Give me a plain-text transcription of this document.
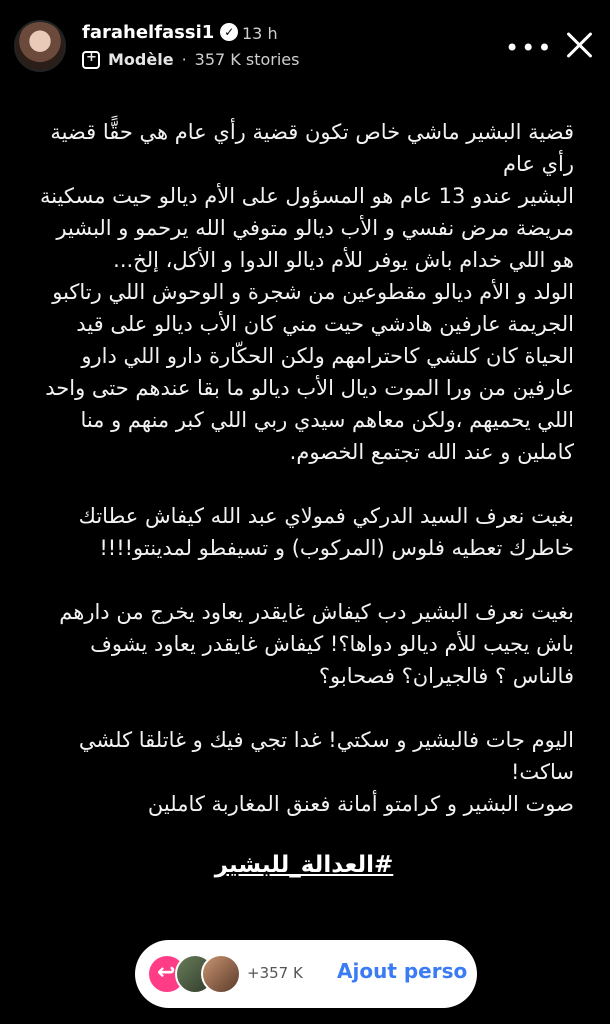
farahelfassi1 ✓ 13 h
+
Modèle · 357 K stories	•••
قضية البشير ماشي خاص تكون قضية رأي عام هي حقًّا قضية رأي عام
البشير عندو 13 عام هو المسؤول على الأم ديالو حيت مسكينة مريضة مرض نفسي و الأب ديالو متوفي الله يرحمو و البشير هو اللي خدام باش يوفر للأم ديالو الدوا و الأكل، إلخ...
الولد و الأم ديالو مقطوعين من شجرة و الوحوش اللي رتاكبو الجريمة عارفين هادشي حيت مني كان الأب ديالو على قيد الحياة كان كلشي كاحترامهم ولكن الحكّارة دارو اللي دارو عارفين من ورا الموت ديال الأب ديالو ما بقا عندهم حتى واحد اللي يحميهم ،ولكن معاهم سيدي ربي اللي كبر منهم و منا كاملين و عند الله تجتمع الخصوم.
بغيت نعرف السيد الدركي فمولاي عبد الله كيفاش عطاتك خاطرك تعطيه فلوس (المركوب) و تسيفطو لمدينتو!!!!
بغيت نعرف البشير دب كيفاش غايقدر يعاود يخرج من دارهم باش يجيب للأم ديالو دواها؟! كيفاش غايقدر يعاود يشوف فالناس ؟ فالجيران؟ فصحابو؟
اليوم جات فالبشير و سكتي! غدا تجي فيك و غاتلقا كلشي ساكت!
صوت البشير و كرامتو أمانة فعنق المغاربة كاملين
#العدالة_للبشير
↩
+357 K Ajout perso
